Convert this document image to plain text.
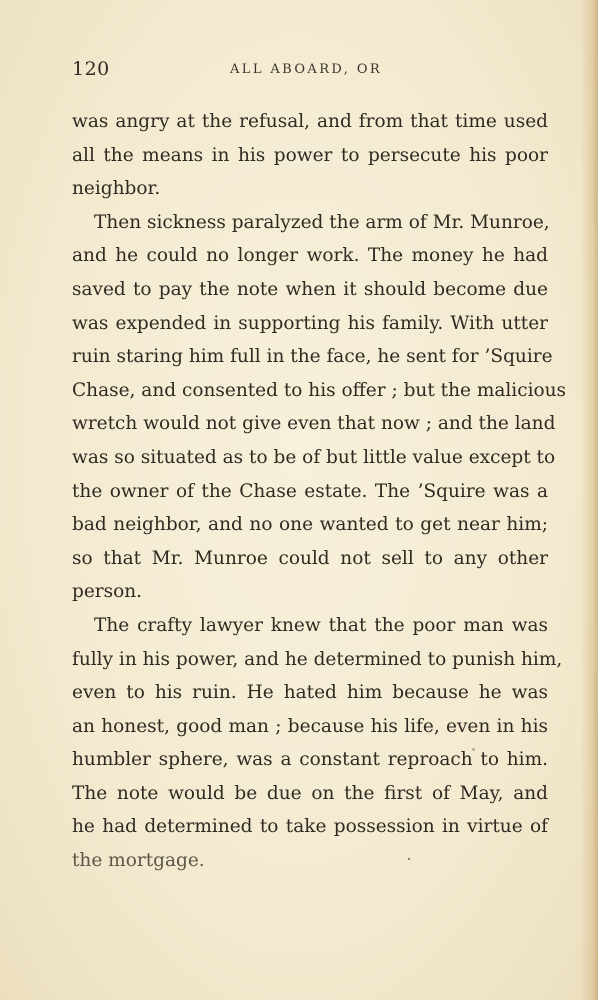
120	ALL ABOARD, OR
was angry at the refusal, and from that time used
all the means in his power to persecute his poor
neighbor.
Then sickness paralyzed the arm of Mr. Munroe,
and he could no longer work. The money he had
saved to pay the note when it should become due
was expended in supporting his family. With utter
ruin staring him full in the face, he sent for ’Squire
Chase, and consented to his offer ; but the malicious
wretch would not give even that now ; and the land
was so situated as to be of but little value except to
the owner of the Chase estate. The ’Squire was a
bad neighbor, and no one wanted to get near him;
so that Mr. Munroe could not sell to any other
person.
The crafty lawyer knew that the poor man was
fully in his power, and he determined to punish him,
even to his ruin. He hated him because he was
an honest, good man ; because his life, even in his
humbler sphere, was a constant reproach to him.
The note would be due on the first of May, and
he had determined to take possession in virtue of
the mortgage.
